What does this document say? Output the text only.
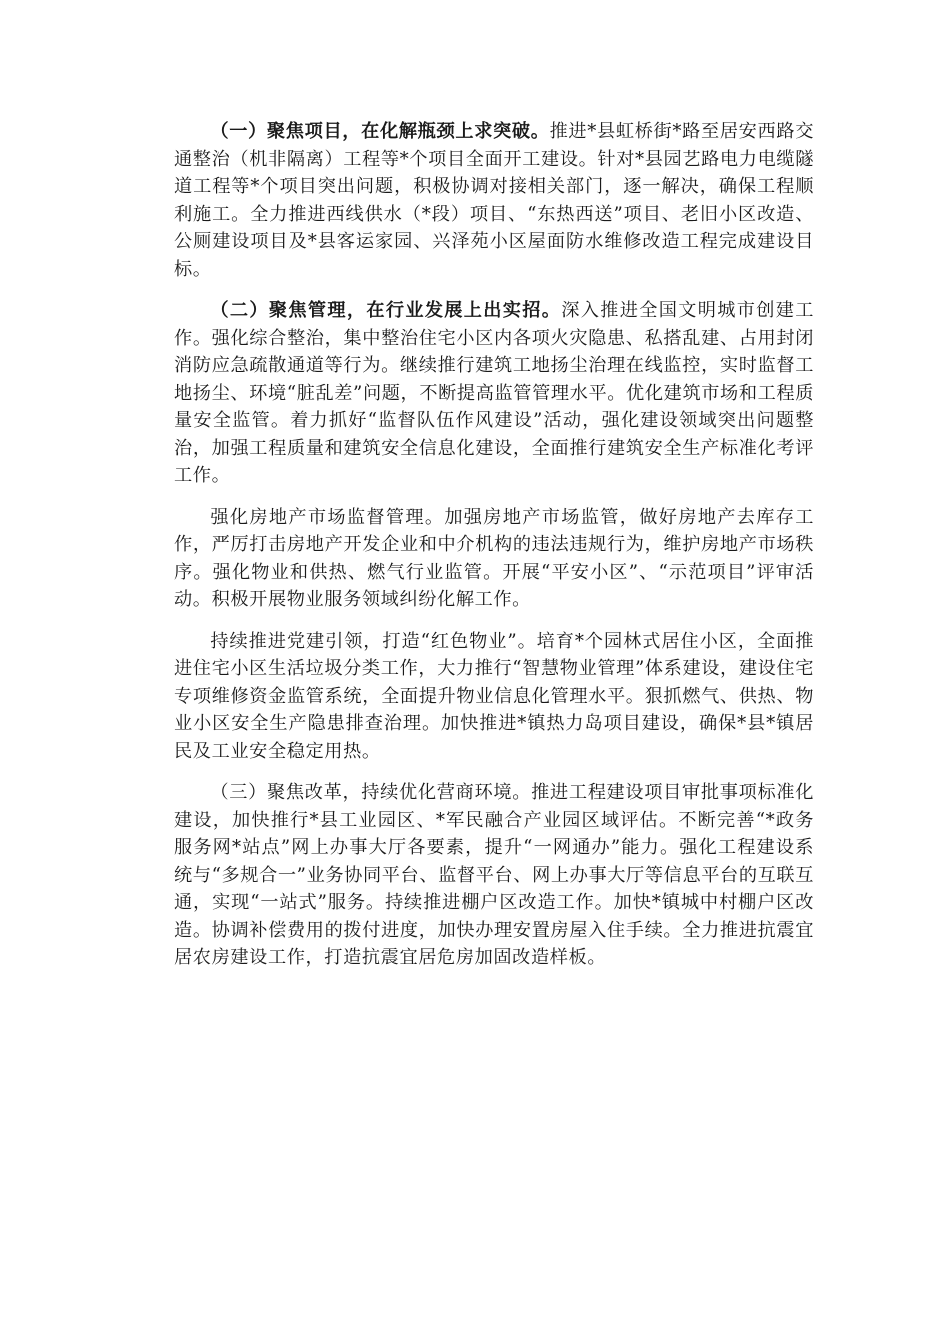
（一）聚焦项目，在化解瓶颈上求突破。推进*县虹桥街*路至居安西路交通整治（机非隔离）工程等*个项目全面开工建设。针对*县园艺路电力电缆隧道工程等*个项目突出问题，积极协调对接相关部门，逐一解决，确保工程顺利施工。全力推进西线供水（*段）项目、“东热西送”项目、老旧小区改造、公厕建设项目及*县客运家园、兴泽苑小区屋面防水维修改造工程完成建设目标。

（二）聚焦管理，在行业发展上出实招。深入推进全国文明城市创建工作。强化综合整治，集中整治住宅小区内各项火灾隐患、私搭乱建、占用封闭消防应急疏散通道等行为。继续推行建筑工地扬尘治理在线监控，实时监督工地扬尘、环境“脏乱差”问题，不断提高监管管理水平。优化建筑市场和工程质量安全监管。着力抓好“监督队伍作风建设”活动，强化建设领域突出问题整治，加强工程质量和建筑安全信息化建设，全面推行建筑安全生产标准化考评工作。

强化房地产市场监督管理。加强房地产市场监管，做好房地产去库存工作，严厉打击房地产开发企业和中介机构的违法违规行为，维护房地产市场秩序。强化物业和供热、燃气行业监管。开展“平安小区”、“示范项目”评审活动。积极开展物业服务领域纠纷化解工作。

持续推进党建引领，打造“红色物业”。培育*个园林式居住小区，全面推进住宅小区生活垃圾分类工作，大力推行“智慧物业管理”体系建设，建设住宅专项维修资金监管系统，全面提升物业信息化管理水平。狠抓燃气、供热、物业小区安全生产隐患排查治理。加快推进*镇热力岛项目建设，确保*县*镇居民及工业安全稳定用热。

（三）聚焦改革，持续优化营商环境。推进工程建设项目审批事项标准化建设，加快推行*县工业园区、*军民融合产业园区域评估。不断完善“*政务服务网*站点”网上办事大厅各要素，提升“一网通办”能力。强化工程建设系统与“多规合一”业务协同平台、监督平台、网上办事大厅等信息平台的互联互通，实现“一站式”服务。持续推进棚户区改造工作。加快*镇城中村棚户区改造。协调补偿费用的拨付进度，加快办理安置房屋入住手续。全力推进抗震宜居农房建设工作，打造抗震宜居危房加固改造样板。
